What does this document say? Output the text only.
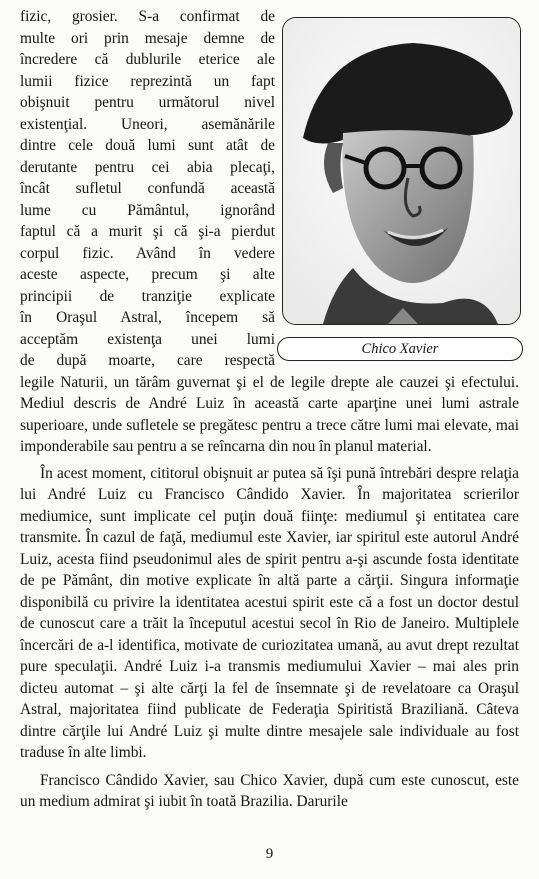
fizic, grosier. S-a confirmat de

multe ori prin mesaje demne de

încredere că dublurile eterice ale

lumii fizice reprezintă un fapt

obişnuit pentru următorul nivel

existenţial. Uneori, asemănările

dintre cele două lumi sunt atât de

derutante pentru cei abia plecaţi,

încât sufletul confundă această

lume cu Pământul, ignorând

faptul că a murit şi că şi-a pierdut

corpul fizic. Având în vedere

aceste aspecte, precum şi alte

principii de tranziţie explicate

în Oraşul Astral, începem să

acceptăm existenţa unei lumi

de după moarte, care respectă

Chico Xavier

legile Naturii, un tărâm guvernat şi el de legile drepte ale cauzei şi efectului. Mediul descris de André Luiz în această carte aparţine unei lumi astrale superioare, unde sufletele se pregătesc pentru a trece către lumi mai elevate, mai imponderabile sau pentru a se reîncarna din nou în planul material.

În acest moment, cititorul obişnuit ar putea să îşi pună întrebări despre relaţia lui André Luiz cu Francisco Cândido Xavier. În majoritatea scrierilor mediumice, sunt implicate cel puţin două fiinţe: mediumul şi entitatea care transmite. În cazul de faţă, mediumul este Xavier, iar spiritul este autorul André Luiz, acesta fiind pseudonimul ales de spirit pentru a-şi ascunde fosta identitate de pe Pământ, din motive explicate în altă parte a cărţii. Singura informaţie disponibilă cu privire la identitatea acestui spirit este că a fost un doctor destul de cunoscut care a trăit la începutul acestui secol în Rio de Janeiro. Multiplele încercări de a-l identifica, motivate de curiozitatea umană, au avut drept rezultat pure speculaţii. André Luiz i-a transmis mediumului Xavier – mai ales prin dicteu automat – şi alte cărţi la fel de însemnate şi de revelatoare ca Oraşul Astral, majoritatea fiind publicate de Federaţia Spiritistă Braziliană. Câteva dintre cărţile lui André Luiz şi multe dintre mesajele sale individuale au fost traduse în alte limbi.

Francisco Cândido Xavier, sau Chico Xavier, după cum este cunoscut, este un medium admirat şi iubit în toată Brazilia. Darurile

9
